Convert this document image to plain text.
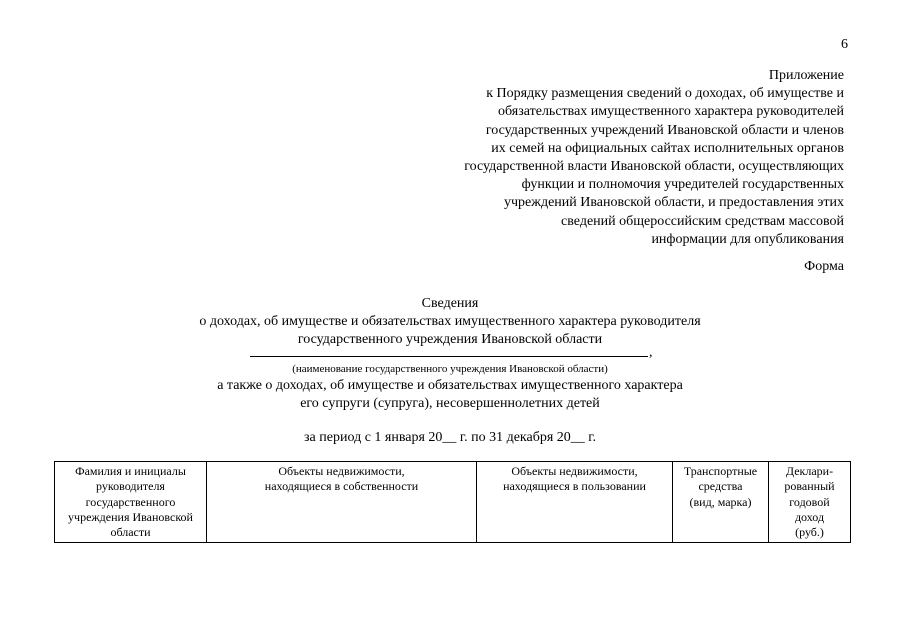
6
Приложение
к Порядку размещения сведений о доходах, об имуществе и
обязательствах имущественного характера руководителей
государственных учреждений Ивановской области и членов
их семей на официальных сайтах исполнительных органов
государственной власти Ивановской области, осуществляющих
функции и полномочия учредителей государственных
учреждений Ивановской области, и предоставления этих
сведений общероссийским средствам массовой
информации для опубликования
Форма
Сведения
о доходах, об имуществе и обязательствах имущественного характера руководителя
государственного учреждения Ивановской области
,
(наименование государственного учреждения Ивановской области)
а также о доходах, об имуществе и обязательствах имущественного характера
его супруги (супруга), несовершеннолетних детей
за период с 1 января 20__ г. по 31 декабря 20__ г.
Фамилия и инициалы
руководителя
государственного
учреждения Ивановской
области	Объекты недвижимости,
находящиеся в собственности	Объекты недвижимости,
находящиеся в пользовании	Транспортные
средства
(вид, марка)	Деклари-
рованный
годовой
доход
(руб.)
